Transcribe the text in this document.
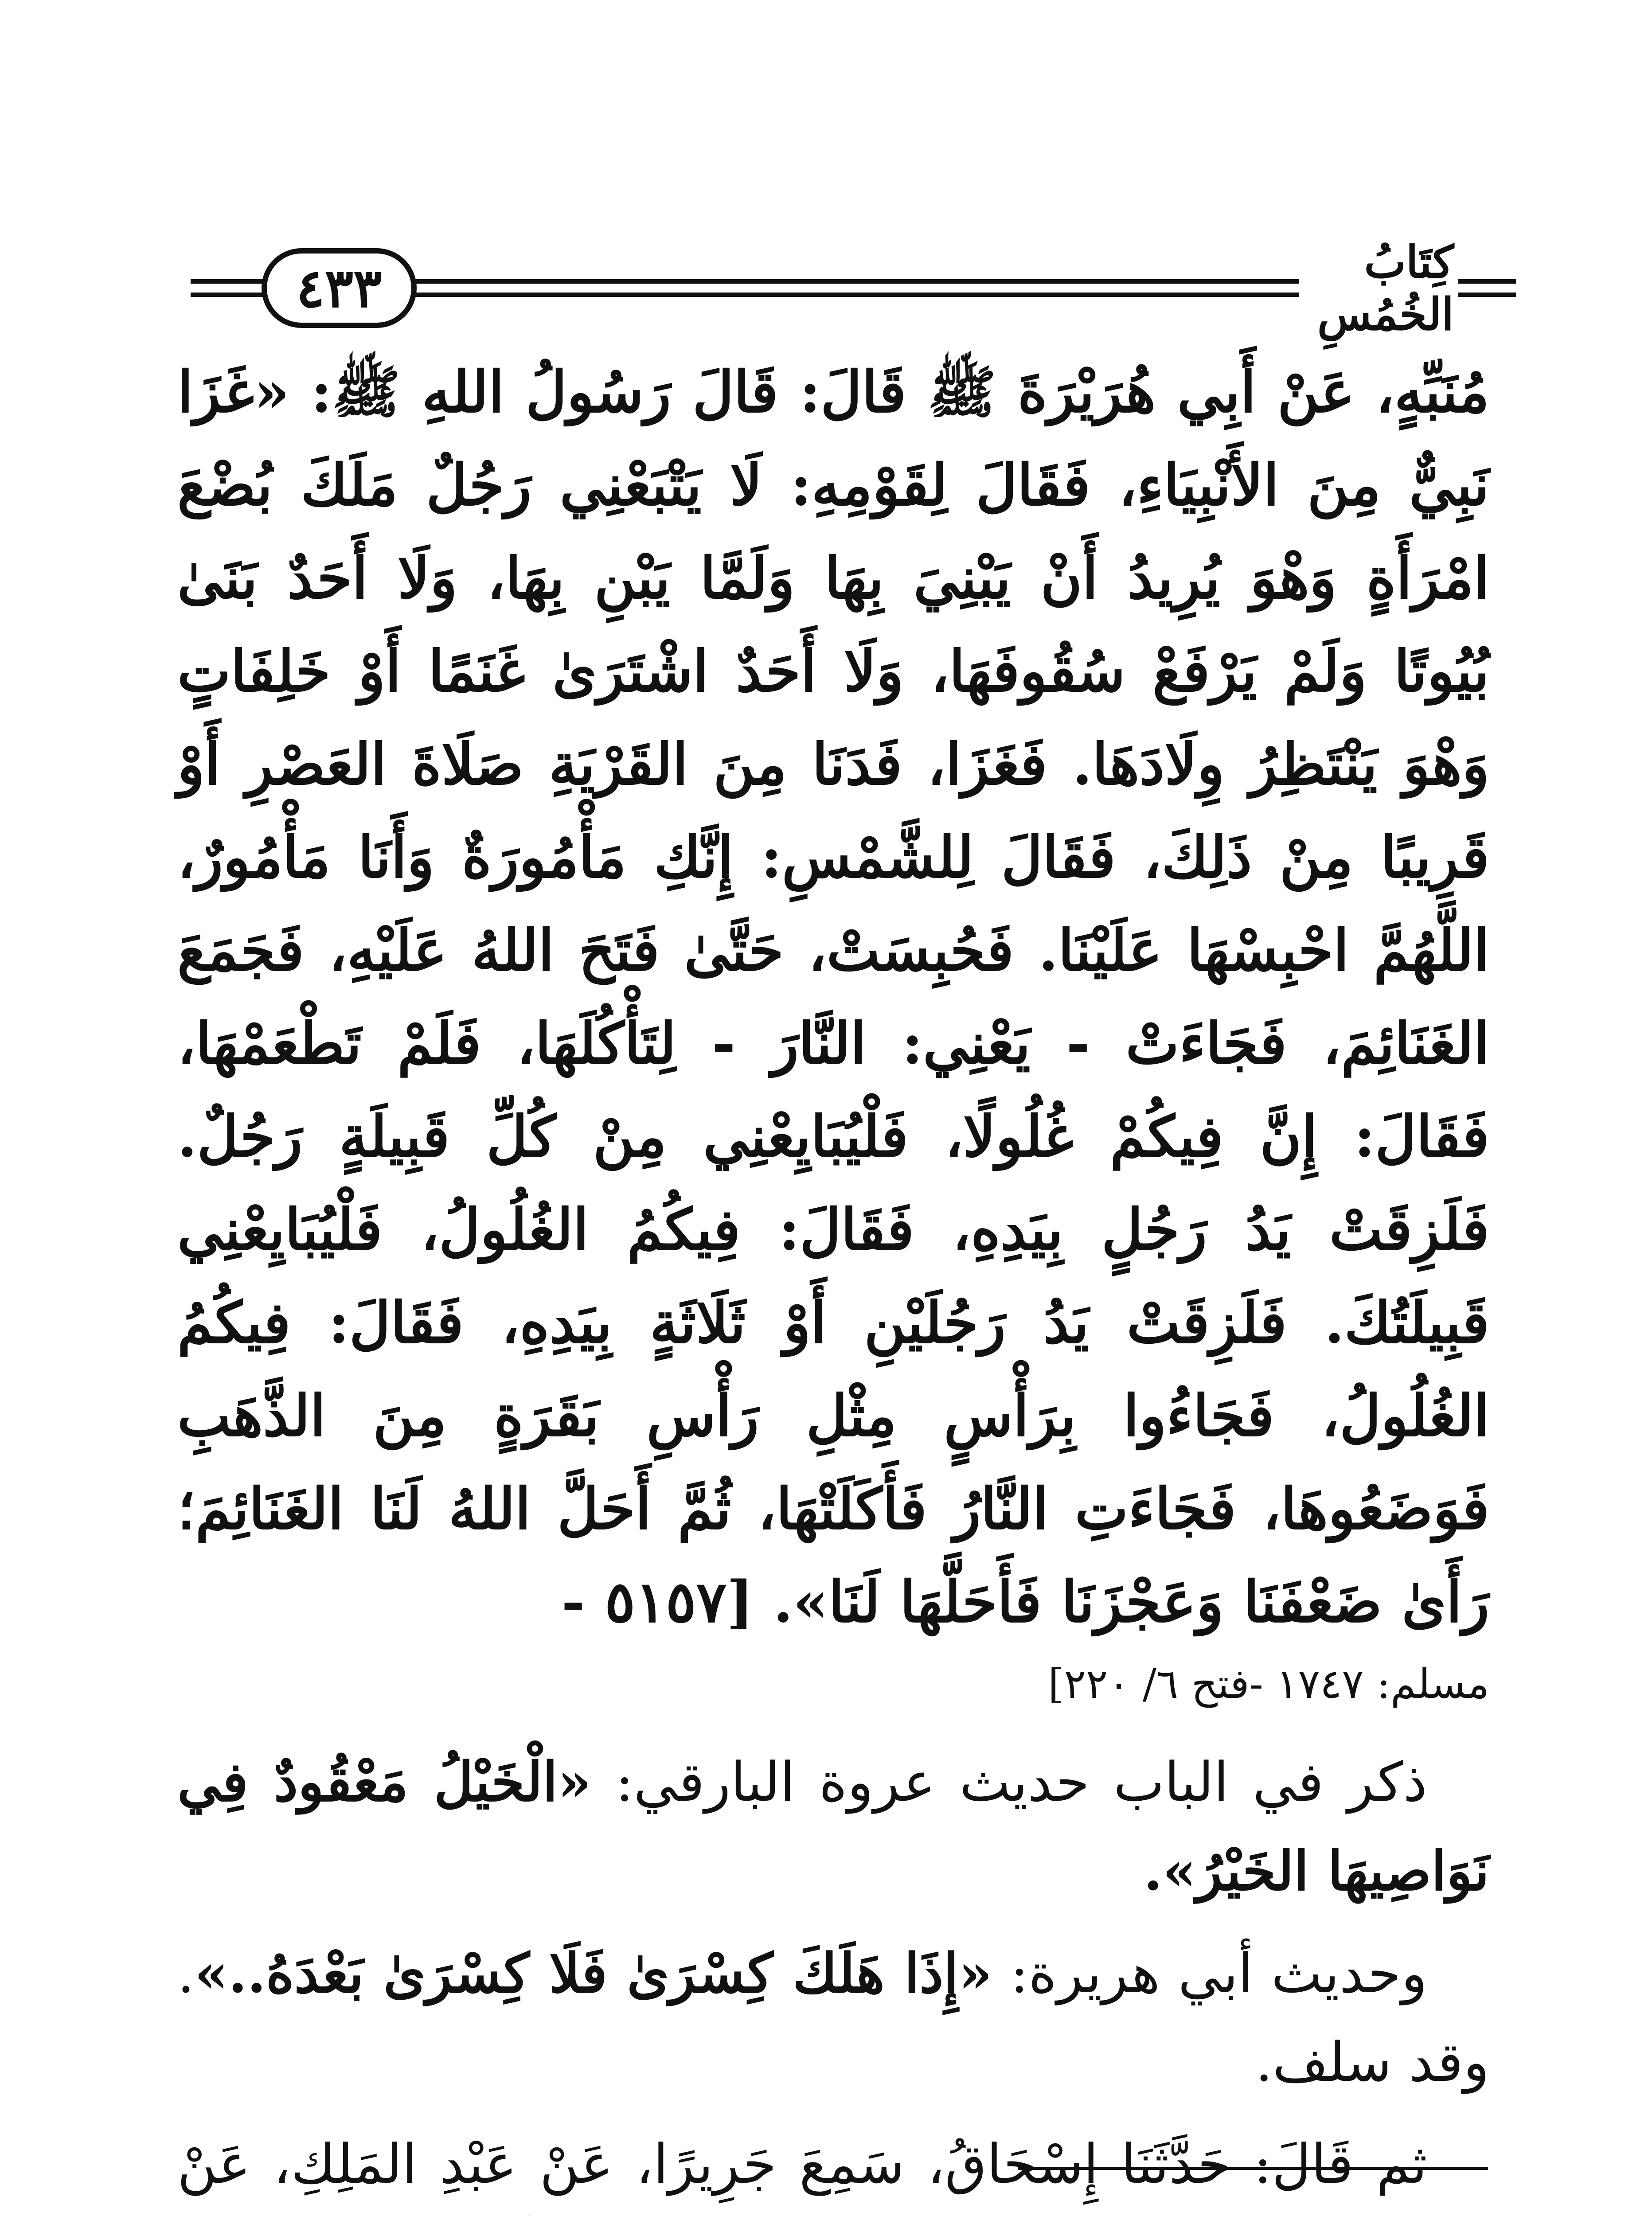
٤٣٣	كِتَابُ الخُمُسِ

مُنَبِّهٍ، عَنْ أَبِي هُرَيْرَةَ ﷺ قَالَ: قَالَ رَسُولُ اللهِ ﷺ: «غَزَا نَبِيٌّ مِنَ الأَنْبِيَاءِ، فَقَالَ لِقَوْمِهِ: لَا يَتْبَعْنِي رَجُلٌ مَلَكَ بُضْعَ امْرَأَةٍ وَهْوَ يُرِيدُ أَنْ يَبْنِيَ بِهَا وَلَمَّا يَبْنِ بِهَا، وَلَا أَحَدٌ بَنَىٰ بُيُوتًا وَلَمْ يَرْفَعْ سُقُوفَهَا، وَلَا أَحَدٌ اشْتَرَىٰ غَنَمًا أَوْ خَلِفَاتٍ وَهْوَ يَنْتَظِرُ وِلَادَهَا. فَغَزَا، فَدَنَا مِنَ القَرْيَةِ صَلَاةَ العَصْرِ أَوْ قَرِيبًا مِنْ ذَلِكَ، فَقَالَ لِلشَّمْسِ: إِنَّكِ مَأْمُورَةٌ وَأَنَا مَأْمُورٌ، اللَّهُمَّ احْبِسْهَا عَلَيْنَا. فَحُبِسَتْ، حَتَّىٰ فَتَحَ اللهُ عَلَيْهِ، فَجَمَعَ الغَنَائِمَ، فَجَاءَتْ - يَعْنِي: النَّارَ - لِتَأْكُلَهَا، فَلَمْ تَطْعَمْهَا، فَقَالَ: إِنَّ فِيكُمْ غُلُولًا، فَلْيُبَايِعْنِي مِنْ كُلِّ قَبِيلَةٍ رَجُلٌ. فَلَزِقَتْ يَدُ رَجُلٍ بِيَدِهِ، فَقَالَ: فِيكُمُ الغُلُولُ، فَلْيُبَايِعْنِي قَبِيلَتُكَ. فَلَزِقَتْ يَدُ رَجُلَيْنِ أَوْ ثَلَاثَةٍ بِيَدِهِ، فَقَالَ: فِيكُمُ الغُلُولُ، فَجَاءُوا بِرَأْسٍ مِثْلِ رَأْسِ بَقَرَةٍ مِنَ الذَّهَبِ فَوَضَعُوهَا، فَجَاءَتِ النَّارُ فَأَكَلَتْهَا، ثُمَّ أَحَلَّ اللهُ لَنَا الغَنَائِمَ؛ رَأَىٰ ضَعْفَنَا وَعَجْزَنَا فَأَحَلَّهَا لَنَا». [٥١٥٧ -

مسلم: ١٧٤٧ -فتح ٦/ ٢٢٠]

ذكر في الباب حديث عروة البارقي: «الْخَيْلُ مَعْقُودٌ فِي نَوَاصِيهَا الخَيْرُ».

وحديث أبي هريرة: «إِذَا هَلَكَ كِسْرَىٰ فَلَا كِسْرَىٰ بَعْدَهُ..». وقد سلف.

ثم قَالَ: حَدَّثَنَا إِسْحَاقُ، سَمِعَ جَرِيرًا، عَنْ عَبْدِ المَلِكِ، عَنْ
